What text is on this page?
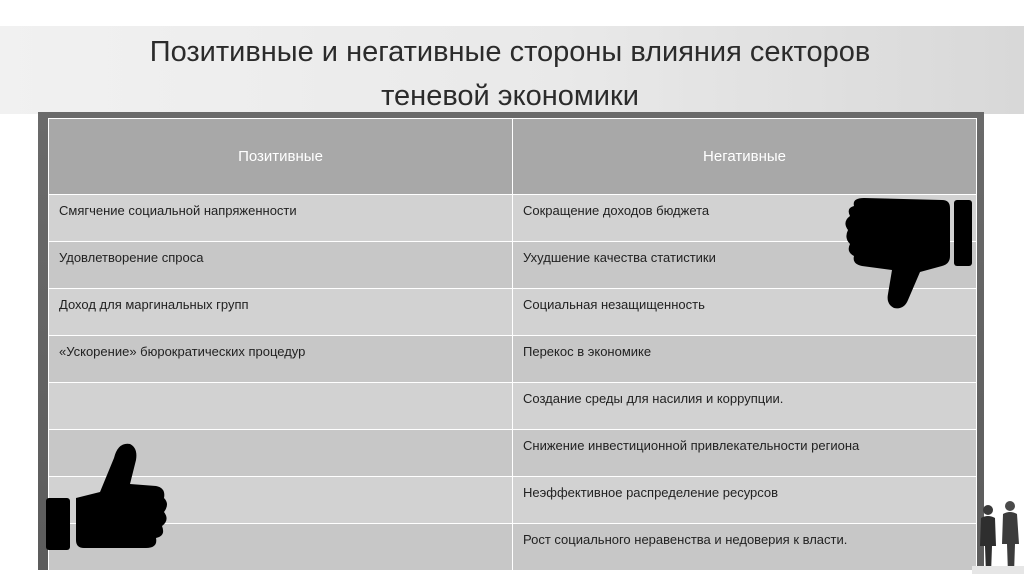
Позитивные и негативные стороны влияния секторов
теневой экономики
Позитивные	Негативные
Смягчение социальной напряженности	Сокращение доходов бюджета
Удовлетворение спроса	Ухудшение качества статистики
Доход для маргинальных групп	Социальная незащищенность
«Ускорение» бюрократических процедур	Перекос в экономике
	Создание среды для насилия и коррупции.
	Снижение инвестиционной привлекательности региона
	Неэффективное распределение ресурсов
	Рост социального неравенства и недоверия к власти.
